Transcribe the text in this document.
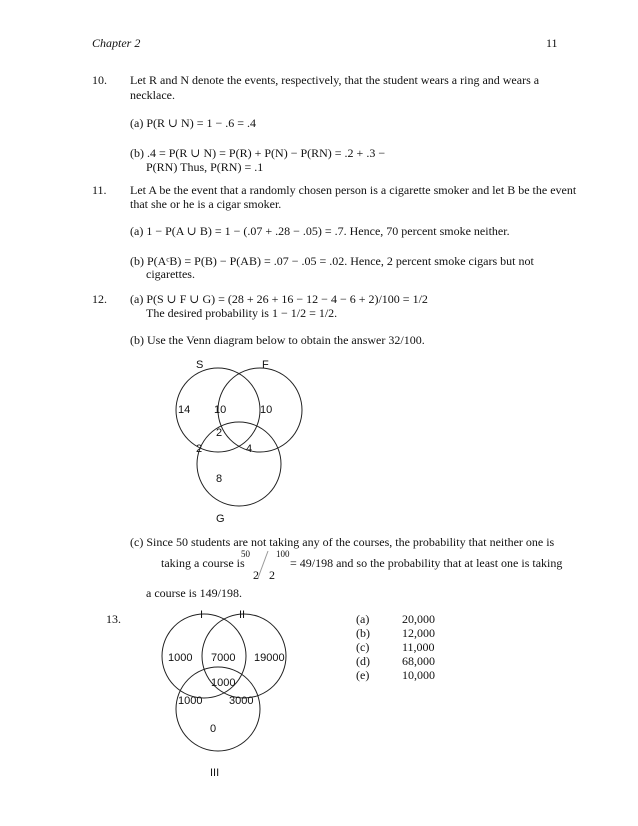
Chapter 2	11
10. Let R and N denote the events, respectively, that the student wears a ring and wears a
necklace.
(a) P(R ∪ N) = 1 − .6 = .4
(b) .4 = P(R ∪ N) = P(R) + P(N) − P(RN) = .2 + .3 −
P(RN) Thus, P(RN) = .1
11. Let A be the event that a randomly chosen person is a cigarette smoker and let B be the event
that she or he is a cigar smoker.
(a) 1 − P(A ∪ B) = 1 − (.07 + .28 − .05) = .7. Hence, 70 percent smoke neither.
(b) P(AᶜB) = P(B) − P(AB) = .07 − .05 = .02. Hence, 2 percent smoke cigars but not
cigarettes.
12. (a) P(S ∪ F ∪ G) = (28 + 26 + 16 − 12 − 4 − 6 + 2)/100 = 1/2
The desired probability is 1 − 1/2 = 1/2.
(b) Use the Venn diagram below to obtain the answer 32/100.
S	F
14 10	10
2
2	4
8
G
(c) Since 50 students are not taking any of the courses, the probability that neither one is
taking a course is
50
2
100
2
= 49/198 and so the probability that at least one is taking
a course is 149/198.
13.	I	II
1000 7000 19000
1000
1000 3000
0
III
(a)	20,000
(b)	12,000
(c)	11,000
(d)	68,000
(e)	10,000
